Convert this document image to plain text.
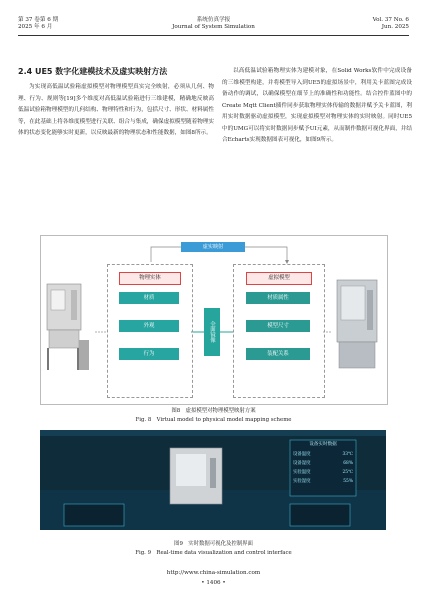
第 37 卷第 6 期
2025 年 6 月
系统仿真学报
Journal of System Simulation
Vol. 37 No. 6
Jun. 2025
2.4 UE5 数字化建模技术及虚实映射方法
为实现高低温试验箱虚拟模型对物理模型真实完全映射，必须从几何、物理、行为、规则等[19]多个维度对高低温试验箱进行三维建模，精确地反映高低温试验箱物理模型的几何结构、物理特性和行为，包括尺寸、形状、材料属性等，在此基础上将各维度模型进行关联、组合与集成，确保虚拟模型随着物理实体的状态变化能够实时更新，以反映最新的物理状态和性能数据，如图8所示。
以高低温试验箱物理实体为建模对象，在Solid Works软件中完成设备的三维模型构建，并将模型导入到UE5的虚拟场景中，利用关卡蓝图完成设备动作的调试，以确保模型在细节上的准确性和功能性。结合控件蓝图中的Create Mqtt Client插件同步获取物理实体传输的数据并赋予关卡蓝图，利用实时数据驱动虚拟模型，实现虚拟模型对物理实体的实时映射。同时UE5中的UMG可以将实时数据同步赋予UI元素，从而制作数据可视化界面，并结合Echarts实现数据图表可视化，如图9所示。
虚实映射
物理实体
材质
外观
行为
全面镜像
虚拟模型
材质属性
模型尺寸
装配关系
图8　虚拟模型对物理模型映射方案
Fig. 8　Virtual model to physical model mapping scheme
设备实时数据
设备温度	33℃
设备湿度	68%
实验温度	25℃
实验湿度	55%
图9　实时数据可视化及控制界面
Fig. 9　Real-time data visualization and control interface
http://www.china-simulation.com
• 1406 •
